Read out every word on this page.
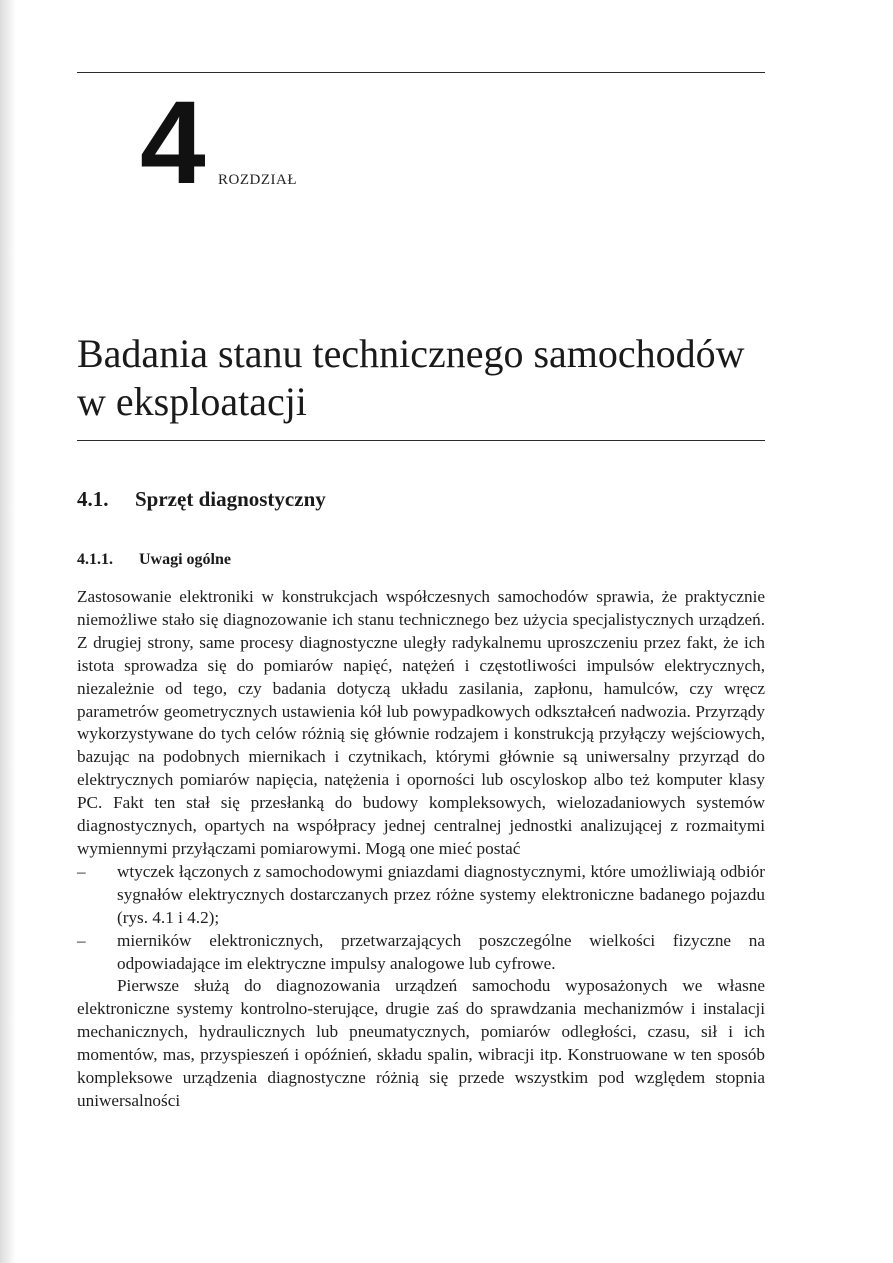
4 ROZDZIAŁ
Badania stanu technicznego samochodów w eksploatacji
4.1. Sprzęt diagnostyczny
4.1.1. Uwagi ogólne

Zastosowanie elektroniki w konstrukcjach współczesnych samochodów sprawia, że praktycznie niemożliwe stało się diagnozowanie ich stanu technicznego bez użycia specjalistycznych urządzeń. Z drugiej strony, same procesy diagnostyczne uległy radykalnemu uproszczeniu przez fakt, że ich istota sprowadza się do pomiarów napięć, natężeń i częstotliwości impulsów elektrycznych, niezależnie od tego, czy badania dotyczą układu zasilania, zapłonu, hamulców, czy wręcz parametrów geometrycznych ustawienia kół lub powypadkowych odkształceń nadwozia. Przyrządy wykorzystywane do tych celów różnią się głównie rodzajem i konstrukcją przyłączy wejściowych, bazując na podobnych miernikach i czytnikach, którymi głównie są uniwersalny przyrząd do elektrycznych pomiarów napięcia, natężenia i oporności lub oscyloskop albo też komputer klasy PC. Fakt ten stał się przesłanką do budowy kompleksowych, wielozadaniowych systemów diagnostycznych, opartych na współpracy jednej centralnej jednostki analizującej z rozmaitymi wymiennymi przyłączami pomiarowymi. Mogą one mieć postać

– wtyczek łączonych z samochodowymi gniazdami diagnostycznymi, które umożliwiają odbiór sygnałów elektrycznych dostarczanych przez różne systemy elektroniczne badanego pojazdu (rys. 4.1 i 4.2);
– mierników elektronicznych, przetwarzających poszczególne wielkości fizyczne na odpowiadające im elektryczne impulsy analogowe lub cyfrowe.

Pierwsze służą do diagnozowania urządzeń samochodu wyposażonych we własne elektroniczne systemy kontrolno-sterujące, drugie zaś do sprawdzania mechanizmów i instalacji mechanicznych, hydraulicznych lub pneumatycznych, pomiarów odległości, czasu, sił i ich momentów, mas, przyspieszeń i opóźnień, składu spalin, wibracji itp. Konstruowane w ten sposób kompleksowe urządzenia diagnostyczne różnią się przede wszystkim pod względem stopnia uniwersalności
